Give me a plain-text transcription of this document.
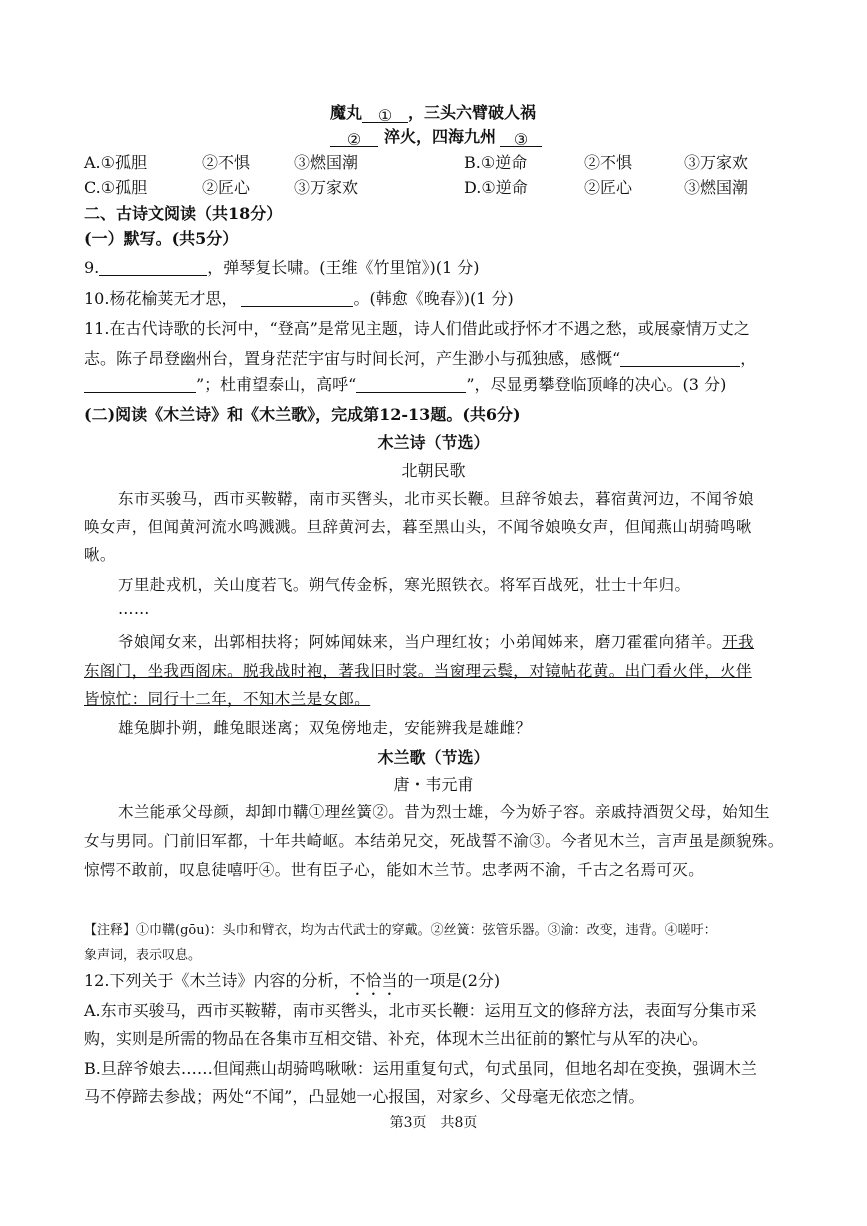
魔丸 ① ，三头六臂破人祸
② 淬火，四海九州 ③
A.①孤胆	②不惧	③燃国潮	B.①逆命	②不惧	③万家欢
C.①孤胆	②匠心	③万家欢	D.①逆命	②匠心	③燃国潮
二、古诗文阅读（共18分）
(一）默写。(共5分）
9.	，弹琴复长啸。(王维《竹里馆》)(1 分)
10.杨花榆荚无才思，	。(韩愈《晚春》)(1 分)
11.在古代诗歌的长河中，“登高”是常见主题，诗人们借此或抒怀才不遇之愁，或展豪情万丈之
志。陈子昂登幽州台，置身茫茫宇宙与时间长河，产生渺小与孤独感，感慨“	，
”；杜甫望泰山，高呼“	”，尽显勇攀登临顶峰的决心。(3 分)
(二)阅读《木兰诗》和《木兰歌》，完成第12-13题。(共6分)
木兰诗（节选）
北朝民歌
东市买骏马，西市买鞍鞯，南市买辔头，北市买长鞭。旦辞爷娘去，暮宿黄河边，不闻爷娘
唤女声，但闻黄河流水鸣溅溅。旦辞黄河去，暮至黑山头，不闻爷娘唤女声，但闻燕山胡骑鸣啾
啾。
万里赴戎机，关山度若飞。朔气传金柝，寒光照铁衣。将军百战死，壮士十年归。
……
爷娘闻女来，出郭相扶将；阿姊闻妹来，当户理红妆；小弟闻姊来，磨刀霍霍向猪羊。开我
东阁门，坐我西阁床。脱我战时袍，著我旧时裳。当窗理云鬓，对镜帖花黄。出门看火伴，火伴
皆惊忙：同行十二年，不知木兰是女郎。
雄兔脚扑朔，雌兔眼迷离；双兔傍地走，安能辨我是雄雌？
木兰歌（节选）
唐・韦元甫
木兰能承父母颜，却卸巾鞲①理丝簧②。昔为烈士雄，今为娇子容。亲戚持酒贺父母，始知生
女与男同。门前旧军都，十年共崎岖。本结弟兄交，死战誓不渝③。今者见木兰，言声虽是颜貌殊。
惊愕不敢前，叹息徒嘻吁④。世有臣子心，能如木兰节。忠孝两不渝，千古之名焉可灭。
【注释】①巾鞲(gōu)：头巾和臂衣，均为古代武士的穿戴。②丝簧：弦管乐器。③渝：改变，违背。④嗟吁：
象声词，表示叹息。
12.下列关于《木兰诗》内容的分析，不恰当的一项是(2分)
A.东市买骏马，西市买鞍鞯，南市买辔头，北市买长鞭：运用互文的修辞方法，表面写分集市采
购，实则是所需的物品在各集市互相交错、补充，体现木兰出征前的繁忙与从军的决心。
B.旦辞爷娘去……但闻燕山胡骑鸣啾啾：运用重复句式，句式虽同，但地名却在变换，强调木兰
马不停蹄去参战；两处“不闻”，凸显她一心报国，对家乡、父母毫无依恋之情。
第3页　共8页
